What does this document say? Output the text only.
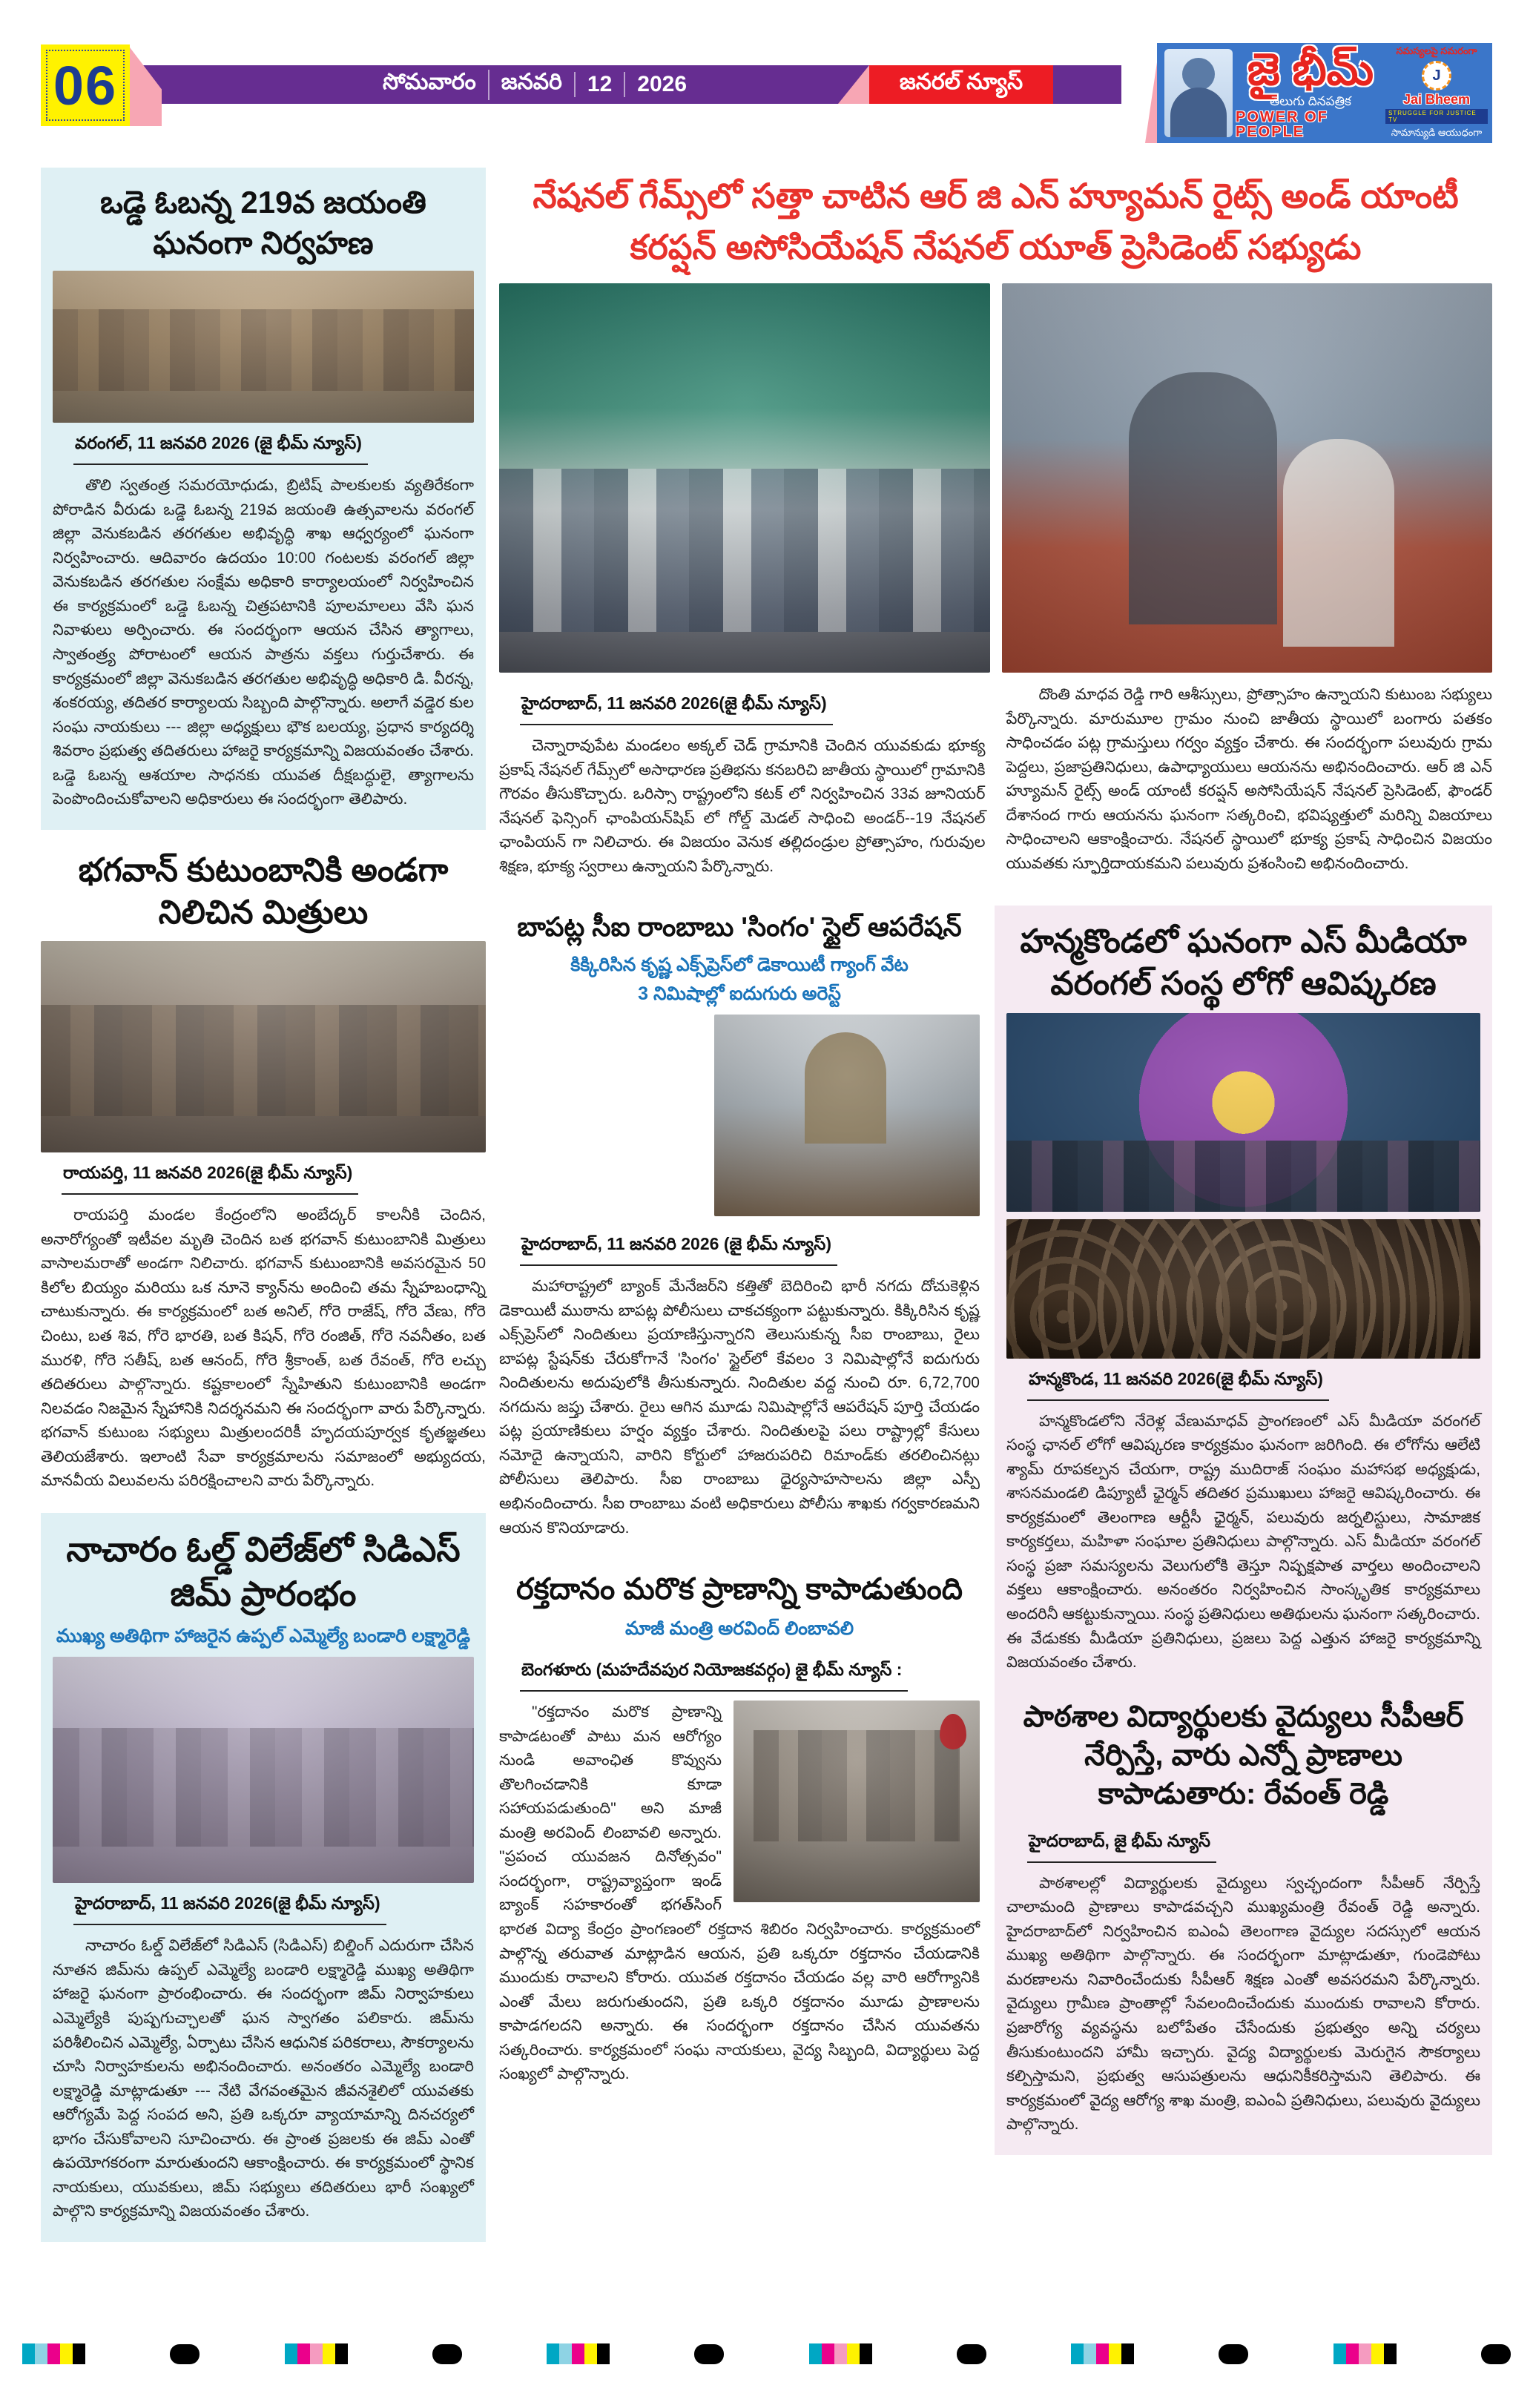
06	సోమవారం	జనవరి	12	2026	జనరల్ న్యూస్	జై భీమ్
తెలుగు దినపత్రిక
POWER OF PEOPLE
సమస్యలపై సమరంగా
J
Jai Bheem
STRUGGLE FOR JUSTICE TV
సామాన్యుడి ఆయుధంగా
ఒడ్డె ఓబన్న 219వ జయంతి ఘనంగా నిర్వహణ
వరంగల్, 11 జనవరి 2026 (జై భీమ్ న్యూస్)

తొలి స్వతంత్ర సమరయోధుడు, బ్రిటిష్ పాలకులకు వ్యతిరేకంగా పోరాడిన వీరుడు ఒడ్డె ఓబన్న 219వ జయంతి ఉత్సవాలను వరంగల్ జిల్లా వెనుకబడిన తరగతుల అభివృద్ధి శాఖ ఆధ్వర్యంలో ఘనంగా నిర్వహించారు. ఆదివారం ఉదయం 10:00 గంటలకు వరంగల్ జిల్లా వెనుకబడిన తరగతుల సంక్షేమ అధికారి కార్యాలయంలో నిర్వహించిన ఈ కార్యక్రమంలో ఒడ్డె ఓబన్న చిత్రపటానికి పూలమాలలు వేసి ఘన నివాళులు అర్పించారు. ఈ సందర్భంగా ఆయన చేసిన త్యాగాలు, స్వాతంత్ర్య పోరాటంలో ఆయన పాత్రను వక్తలు గుర్తుచేశారు. ఈ కార్యక్రమంలో జిల్లా వెనుకబడిన తరగతుల అభివృద్ధి అధికారి డి. వీరన్న, శంకరయ్య, తదితర కార్యాలయ సిబ్బంది పాల్గొన్నారు. అలాగే వడ్డెర కుల సంఘ నాయకులు --- జిల్లా అధ్యక్షులు భౌక బలయ్య, ప్రధాన కార్యదర్శి శివరాం ప్రభుత్వ తదితరులు హాజరై కార్యక్రమాన్ని విజయవంతం చేశారు. ఒడ్డె ఓబన్న ఆశయాల సాధనకు యువత దీక్షబద్ధులై, త్యాగాలను పెంపొందించుకోవాలని అధికారులు ఈ సందర్భంగా తెలిపారు.

భగవాన్ కుటుంబానికి అండగా నిలిచిన మిత్రులు
రాయపర్తి, 11 జనవరి 2026(జై భీమ్ న్యూస్)

రాయపర్తి మండల కేంద్రంలోని అంబేద్కర్ కాలనీకి చెందిన, అనారోగ్యంతో ఇటీవల మృతి చెందిన బత భగవాన్ కుటుంబానికి మిత్రులు వాసాలమరాతో అండగా నిలిచారు. భగవాన్ కుటుంబానికి అవసరమైన 50 కిలోల బియ్యం మరియు ఒక నూనె క్యాన్‌ను అందించి తమ స్నేహబంధాన్ని చాటుకున్నారు. ఈ కార్యక్రమంలో బత అనిల్, గోరె రాజేష్, గోరె వేణు, గోరె చింటు, బత శివ, గోరె భారతి, బత కిషన్, గోరె రంజిత్, గోరె నవనీతం, బత మురళి, గోరె సతీష్, బత ఆనంద్, గోరె శ్రీకాంత్, బత రేవంత్, గోరె లచ్చు తదితరులు పాల్గొన్నారు. కష్టకాలంలో స్నేహితుని కుటుంబానికి అండగా నిలవడం నిజమైన స్నేహానికి నిదర్శనమని ఈ సందర్భంగా వారు పేర్కొన్నారు. భగవాన్ కుటుంబ సభ్యులు మిత్రులందరికీ హృదయపూర్వక కృతజ్ఞతలు తెలియజేశారు. ఇలాంటి సేవా కార్యక్రమాలను సమాజంలో అభ్యుదయ, మానవీయ విలువలను పరిరక్షించాలని వారు పేర్కొన్నారు.

నాచారం ఓల్డ్ విలేజ్‌లో సిడిఎస్ జిమ్ ప్రారంభం
ముఖ్య అతిథిగా హాజరైన ఉప్పల్ ఎమ్మెల్యే బండారి లక్ష్మారెడ్డి
హైదరాబాద్, 11 జనవరి 2026(జై భీమ్ న్యూస్)

నాచారం ఓల్డ్ విలేజ్‌లో సిడిఎస్ (సిడిఎస్) బిల్డింగ్ ఎదురుగా చేసిన నూతన జిమ్‌ను ఉప్పల్ ఎమ్మెల్యే బండారి లక్ష్మారెడ్డి ముఖ్య అతిథిగా హాజరై ఘనంగా ప్రారంభించారు. ఈ సందర్భంగా జిమ్ నిర్వాహకులు ఎమ్మెల్యేకి పుష్పగుచ్ఛాలతో ఘన స్వాగతం పలికారు. జిమ్‌ను పరిశీలించిన ఎమ్మెల్యే, ఏర్పాటు చేసిన ఆధునిక పరికరాలు, సౌకర్యాలను చూసి నిర్వాహకులను అభినందించారు. అనంతరం ఎమ్మెల్యే బండారి లక్ష్మారెడ్డి మాట్లాడుతూ --- నేటి వేగవంతమైన జీవనశైలిలో యువతకు ఆరోగ్యమే పెద్ద సంపద అని, ప్రతి ఒక్కరూ వ్యాయామాన్ని దినచర్యలో భాగం చేసుకోవాలని సూచించారు. ఈ ప్రాంత ప్రజలకు ఈ జిమ్ ఎంతో ఉపయోగకరంగా మారుతుందని ఆకాంక్షించారు. ఈ కార్యక్రమంలో స్థానిక నాయకులు, యువకులు, జిమ్ సభ్యులు తదితరులు భారీ సంఖ్యలో పాల్గొని కార్యక్రమాన్ని విజయవంతం చేశారు.

నేషనల్ గేమ్స్‌లో సత్తా చాటిన ఆర్ జి ఎన్ హ్యూమన్ రైట్స్ అండ్ యాంటీ కరప్షన్ అసోసియేషన్ నేషనల్ యూత్ ప్రెసిడెంట్ సభ్యుడు
హైదరాబాద్, 11 జనవరి 2026(జై భీమ్ న్యూస్)

చెన్నారావుపేట మండలం అక్కల్ చెడ్ గ్రామానికి చెందిన యువకుడు భూక్య ప్రకాష్ నేషనల్ గేమ్స్‌లో అసాధారణ ప్రతిభను కనబరిచి జాతీయ స్థాయిలో గ్రామానికి గౌరవం తీసుకొచ్చారు. ఒరిస్సా రాష్ట్రంలోని కటక్ లో నిర్వహించిన 33వ జూనియర్ నేషనల్ ఫెన్సింగ్ ఛాంపియన్‌షిప్ లో గోల్డ్ మెడల్ సాధించి అండర్--19 నేషనల్ ఛాంపియన్ గా నిలిచారు. ఈ విజయం వెనుక తల్లిదండ్రుల ప్రోత్సాహం, గురువుల శిక్షణ, భూక్య స్వరాలు ఉన్నాయని పేర్కొన్నారు.

దొంతి మాధవ రెడ్డి గారి ఆశీస్సులు, ప్రోత్సాహం ఉన్నాయని కుటుంబ సభ్యులు పేర్కొన్నారు. మారుమూల గ్రామం నుంచి జాతీయ స్థాయిలో బంగారు పతకం సాధించడం పట్ల గ్రామస్తులు గర్వం వ్యక్తం చేశారు. ఈ సందర్భంగా పలువురు గ్రామ పెద్దలు, ప్రజాప్రతినిధులు, ఉపాధ్యాయులు ఆయనను అభినందించారు. ఆర్ జి ఎన్ హ్యూమన్ రైట్స్ అండ్ యాంటీ కరప్షన్ అసోసియేషన్ నేషనల్ ప్రెసిడెంట్, ఫౌండర్ దేశానంద గారు ఆయనను ఘనంగా సత్కరించి, భవిష్యత్తులో మరిన్ని విజయాలు సాధించాలని ఆకాంక్షించారు. నేషనల్ స్థాయిలో భూక్య ప్రకాష్ సాధించిన విజయం యువతకు స్ఫూర్తిదాయకమని పలువురు ప్రశంసించి అభినందించారు.

బాపట్ల సీఐ రాంబాబు 'సింగం' స్టైల్ ఆపరేషన్
కిక్కిరిసిన కృష్ణ ఎక్స్‌ప్రెస్‌లో డెకాయిటీ గ్యాంగ్ వేట
3 నిమిషాల్లో ఐదుగురు అరెస్ట్
హైదరాబాద్, 11 జనవరి 2026 (జై భీమ్ న్యూస్)

మహారాష్ట్రలో బ్యాంక్ మేనేజర్‌ని కత్తితో బెదిరించి భారీ నగదు దోచుకెళ్లిన డెకాయిటీ ముఠాను బాపట్ల పోలీసులు చాకచక్యంగా పట్టుకున్నారు. కిక్కిరిసిన కృష్ణ ఎక్స్‌ప్రెస్‌లో నిందితులు ప్రయాణిస్తున్నారని తెలుసుకున్న సీఐ రాంబాబు, రైలు బాపట్ల స్టేషన్‌కు చేరుకోగానే 'సింగం' స్టైల్‌లో కేవలం 3 నిమిషాల్లోనే ఐదుగురు నిందితులను అదుపులోకి తీసుకున్నారు. నిందితుల వద్ద నుంచి రూ. 6,72,700 నగదును జప్తు చేశారు. రైలు ఆగిన మూడు నిమిషాల్లోనే ఆపరేషన్ పూర్తి చేయడం పట్ల ప్రయాణికులు హర్షం వ్యక్తం చేశారు. నిందితులపై పలు రాష్ట్రాల్లో కేసులు నమోదై ఉన్నాయని, వారిని కోర్టులో హాజరుపరిచి రిమాండ్‌కు తరలించినట్లు పోలీసులు తెలిపారు. సీఐ రాంబాబు ధైర్యసాహసాలను జిల్లా ఎస్పీ అభినందించారు. సీఐ రాంబాబు వంటి అధికారులు పోలీసు శాఖకు గర్వకారణమని ఆయన కొనియాడారు.

రక్తదానం మరొక ప్రాణాన్ని కాపాడుతుంది
మాజీ మంత్రి అరవింద్ లింబావలి
బెంగళూరు (మహదేవపుర నియోజకవర్గం) జై భీమ్ న్యూస్ :

"రక్తదానం మరొక ప్రాణాన్ని కాపాడటంతో పాటు మన ఆరోగ్యం నుండి అవాంఛిత కొవ్వును తొలగించడానికి కూడా సహాయపడుతుంది" అని మాజీ మంత్రి అరవింద్ లింబావలి అన్నారు. "ప్రపంచ యువజన దినోత్సవం" సందర్భంగా, రాష్ట్రవ్యాప్తంగా ఇండ్ బ్యాంక్ సహకారంతో భగత్‌సింగ్ భారత విద్యా కేంద్రం ప్రాంగణంలో రక్తదాన శిబిరం నిర్వహించారు. కార్యక్రమంలో పాల్గొన్న తరువాత మాట్లాడిన ఆయన, ప్రతి ఒక్కరూ రక్తదానం చేయడానికి ముందుకు రావాలని కోరారు. యువత రక్తదానం చేయడం వల్ల వారి ఆరోగ్యానికి ఎంతో మేలు జరుగుతుందని, ప్రతి ఒక్కరి రక్తదానం మూడు ప్రాణాలను కాపాడగలదని అన్నారు. ఈ సందర్భంగా రక్తదానం చేసిన యువతను సత్కరించారు. కార్యక్రమంలో సంఘ నాయకులు, వైద్య సిబ్బంది, విద్యార్థులు పెద్ద సంఖ్యలో పాల్గొన్నారు.

హన్మకొండలో ఘనంగా ఎస్ మీడియా వరంగల్ సంస్థ లోగో ఆవిష్కరణ
హన్మకొండ, 11 జనవరి 2026(జై భీమ్ న్యూస్)

హన్మకొండలోని నేరెళ్ల వేణుమాధవ్ ప్రాంగణంలో ఎస్ మీడియా వరంగల్ సంస్థ ఛానల్ లోగో ఆవిష్కరణ కార్యక్రమం ఘనంగా జరిగింది. ఈ లోగోను ఆలేటి శ్యామ్ రూపకల్పన చేయగా, రాష్ట్ర ముదిరాజ్ సంఘం మహాసభ అధ్యక్షుడు, శాసనమండలి డిప్యూటీ ఛైర్మన్ తదితర ప్రముఖులు హాజరై ఆవిష్కరించారు. ఈ కార్యక్రమంలో తెలంగాణ ఆర్టీసీ ఛైర్మన్, పలువురు జర్నలిస్టులు, సామాజిక కార్యకర్తలు, మహిళా సంఘాల ప్రతినిధులు పాల్గొన్నారు. ఎస్ మీడియా వరంగల్ సంస్థ ప్రజా సమస్యలను వెలుగులోకి తెస్తూ నిష్పక్షపాత వార్తలు అందించాలని వక్తలు ఆకాంక్షించారు. అనంతరం నిర్వహించిన సాంస్కృతిక కార్యక్రమాలు అందరినీ ఆకట్టుకున్నాయి. సంస్థ ప్రతినిధులు అతిథులను ఘనంగా సత్కరించారు. ఈ వేడుకకు మీడియా ప్రతినిధులు, ప్రజలు పెద్ద ఎత్తున హాజరై కార్యక్రమాన్ని విజయవంతం చేశారు.

పాఠశాల విద్యార్థులకు వైద్యులు సీపీఆర్ నేర్పిస్తే, వారు ఎన్నో ప్రాణాలు కాపాడుతారు: రేవంత్ రెడ్డి
హైదరాబాద్, జై భీమ్ న్యూస్

పాఠశాలల్లో విద్యార్థులకు వైద్యులు స్వచ్ఛందంగా సీపీఆర్ నేర్పిస్తే చాలామంది ప్రాణాలు కాపాడవచ్చని ముఖ్యమంత్రి రేవంత్ రెడ్డి అన్నారు. హైదరాబాద్‌లో నిర్వహించిన ఐఎంఏ తెలంగాణ వైద్యుల సదస్సులో ఆయన ముఖ్య అతిథిగా పాల్గొన్నారు. ఈ సందర్భంగా మాట్లాడుతూ, గుండెపోటు మరణాలను నివారించేందుకు సీపీఆర్ శిక్షణ ఎంతో అవసరమని పేర్కొన్నారు. వైద్యులు గ్రామీణ ప్రాంతాల్లో సేవలందించేందుకు ముందుకు రావాలని కోరారు. ప్రజారోగ్య వ్యవస్థను బలోపేతం చేసేందుకు ప్రభుత్వం అన్ని చర్యలు తీసుకుంటుందని హామీ ఇచ్చారు. వైద్య విద్యార్థులకు మెరుగైన సౌకర్యాలు కల్పిస్తామని, ప్రభుత్వ ఆసుపత్రులను ఆధునికీకరిస్తామని తెలిపారు. ఈ కార్యక్రమంలో వైద్య ఆరోగ్య శాఖ మంత్రి, ఐఎంఏ ప్రతినిధులు, పలువురు వైద్యులు పాల్గొన్నారు.
